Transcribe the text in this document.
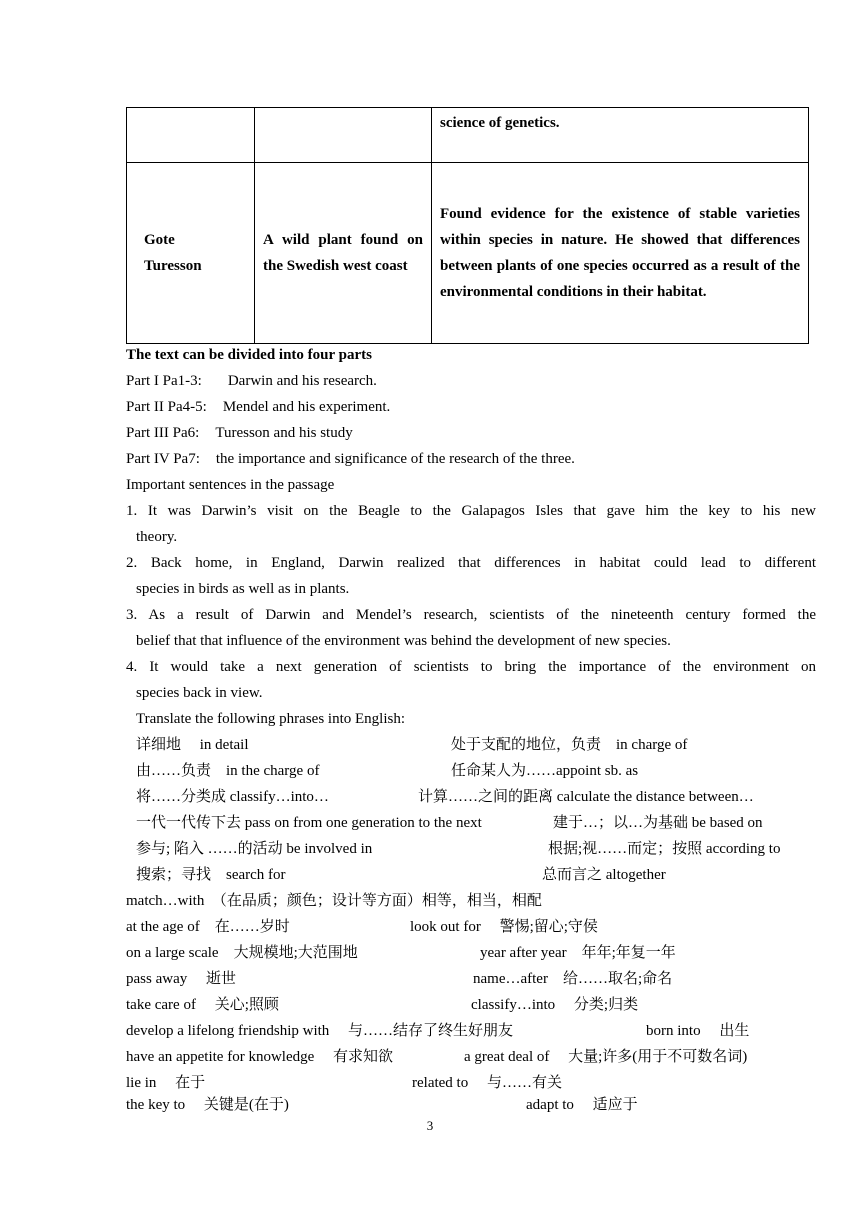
		science of genetics.
Gote Turesson	A wild plant found on the Swedish west coast	Found evidence for the existence of stable varieties within species in nature. He showed that differences between plants of one species occurred as a result of the environmental conditions in their habitat.
The text can be divided into four parts
Part I Pa1-3: Darwin and his research.
Part II Pa4-5: Mendel and his experiment.
Part III Pa6: Turesson and his study
Part IV Pa7: the importance and significance of the research of the three.
Important sentences in the passage
1. It was Darwin’s visit on the Beagle to the Galapagos Isles that gave him the key to his new
theory.
2. Back home, in England, Darwin realized that differences in habitat could lead to different
species in birds as well as in plants.
3. As a result of Darwin and Mendel’s research, scientists of the nineteenth century formed the
belief that that influence of the environment was behind the development of new species.
4. It would take a next generation of scientists to bring the importance of the environment on
species back in view.
Translate the following phrases into English:
详细地　 in detail	处于支配的地位，负责　in charge of
由……负责　in the charge of	任命某人为……appoint sb. as
将……分类成 classify…into…	计算……之间的距离 calculate the distance between…
一代一代传下去 pass on from one generation to the next	建于…；以…为基础 be based on
参与; 陷入 ……的活动 be involved in	根据;视……而定；按照 according to
搜索；寻找　search for	总而言之 altogether
match…with　（在品质；颜色；设计等方面）相等，相当，相配
at the age of　在……岁时	look out for　 警惕;留心;守侯
on a large scale　大规模地;大范围地	year after year　年年;年复一年
pass away　 逝世	name…after　给……取名;命名
take care of　 关心;照顾	classify…into　 分类;归类
develop a lifelong friendship with　 与……结存了终生好朋友	born into　 出生
have an appetite for knowledge　 有求知欲	a great deal of　 大量;许多(用于不可数名词)
lie in　 在于	related to　 与……有关
the key to　 关键是(在于)	adapt to　 适应于
3
